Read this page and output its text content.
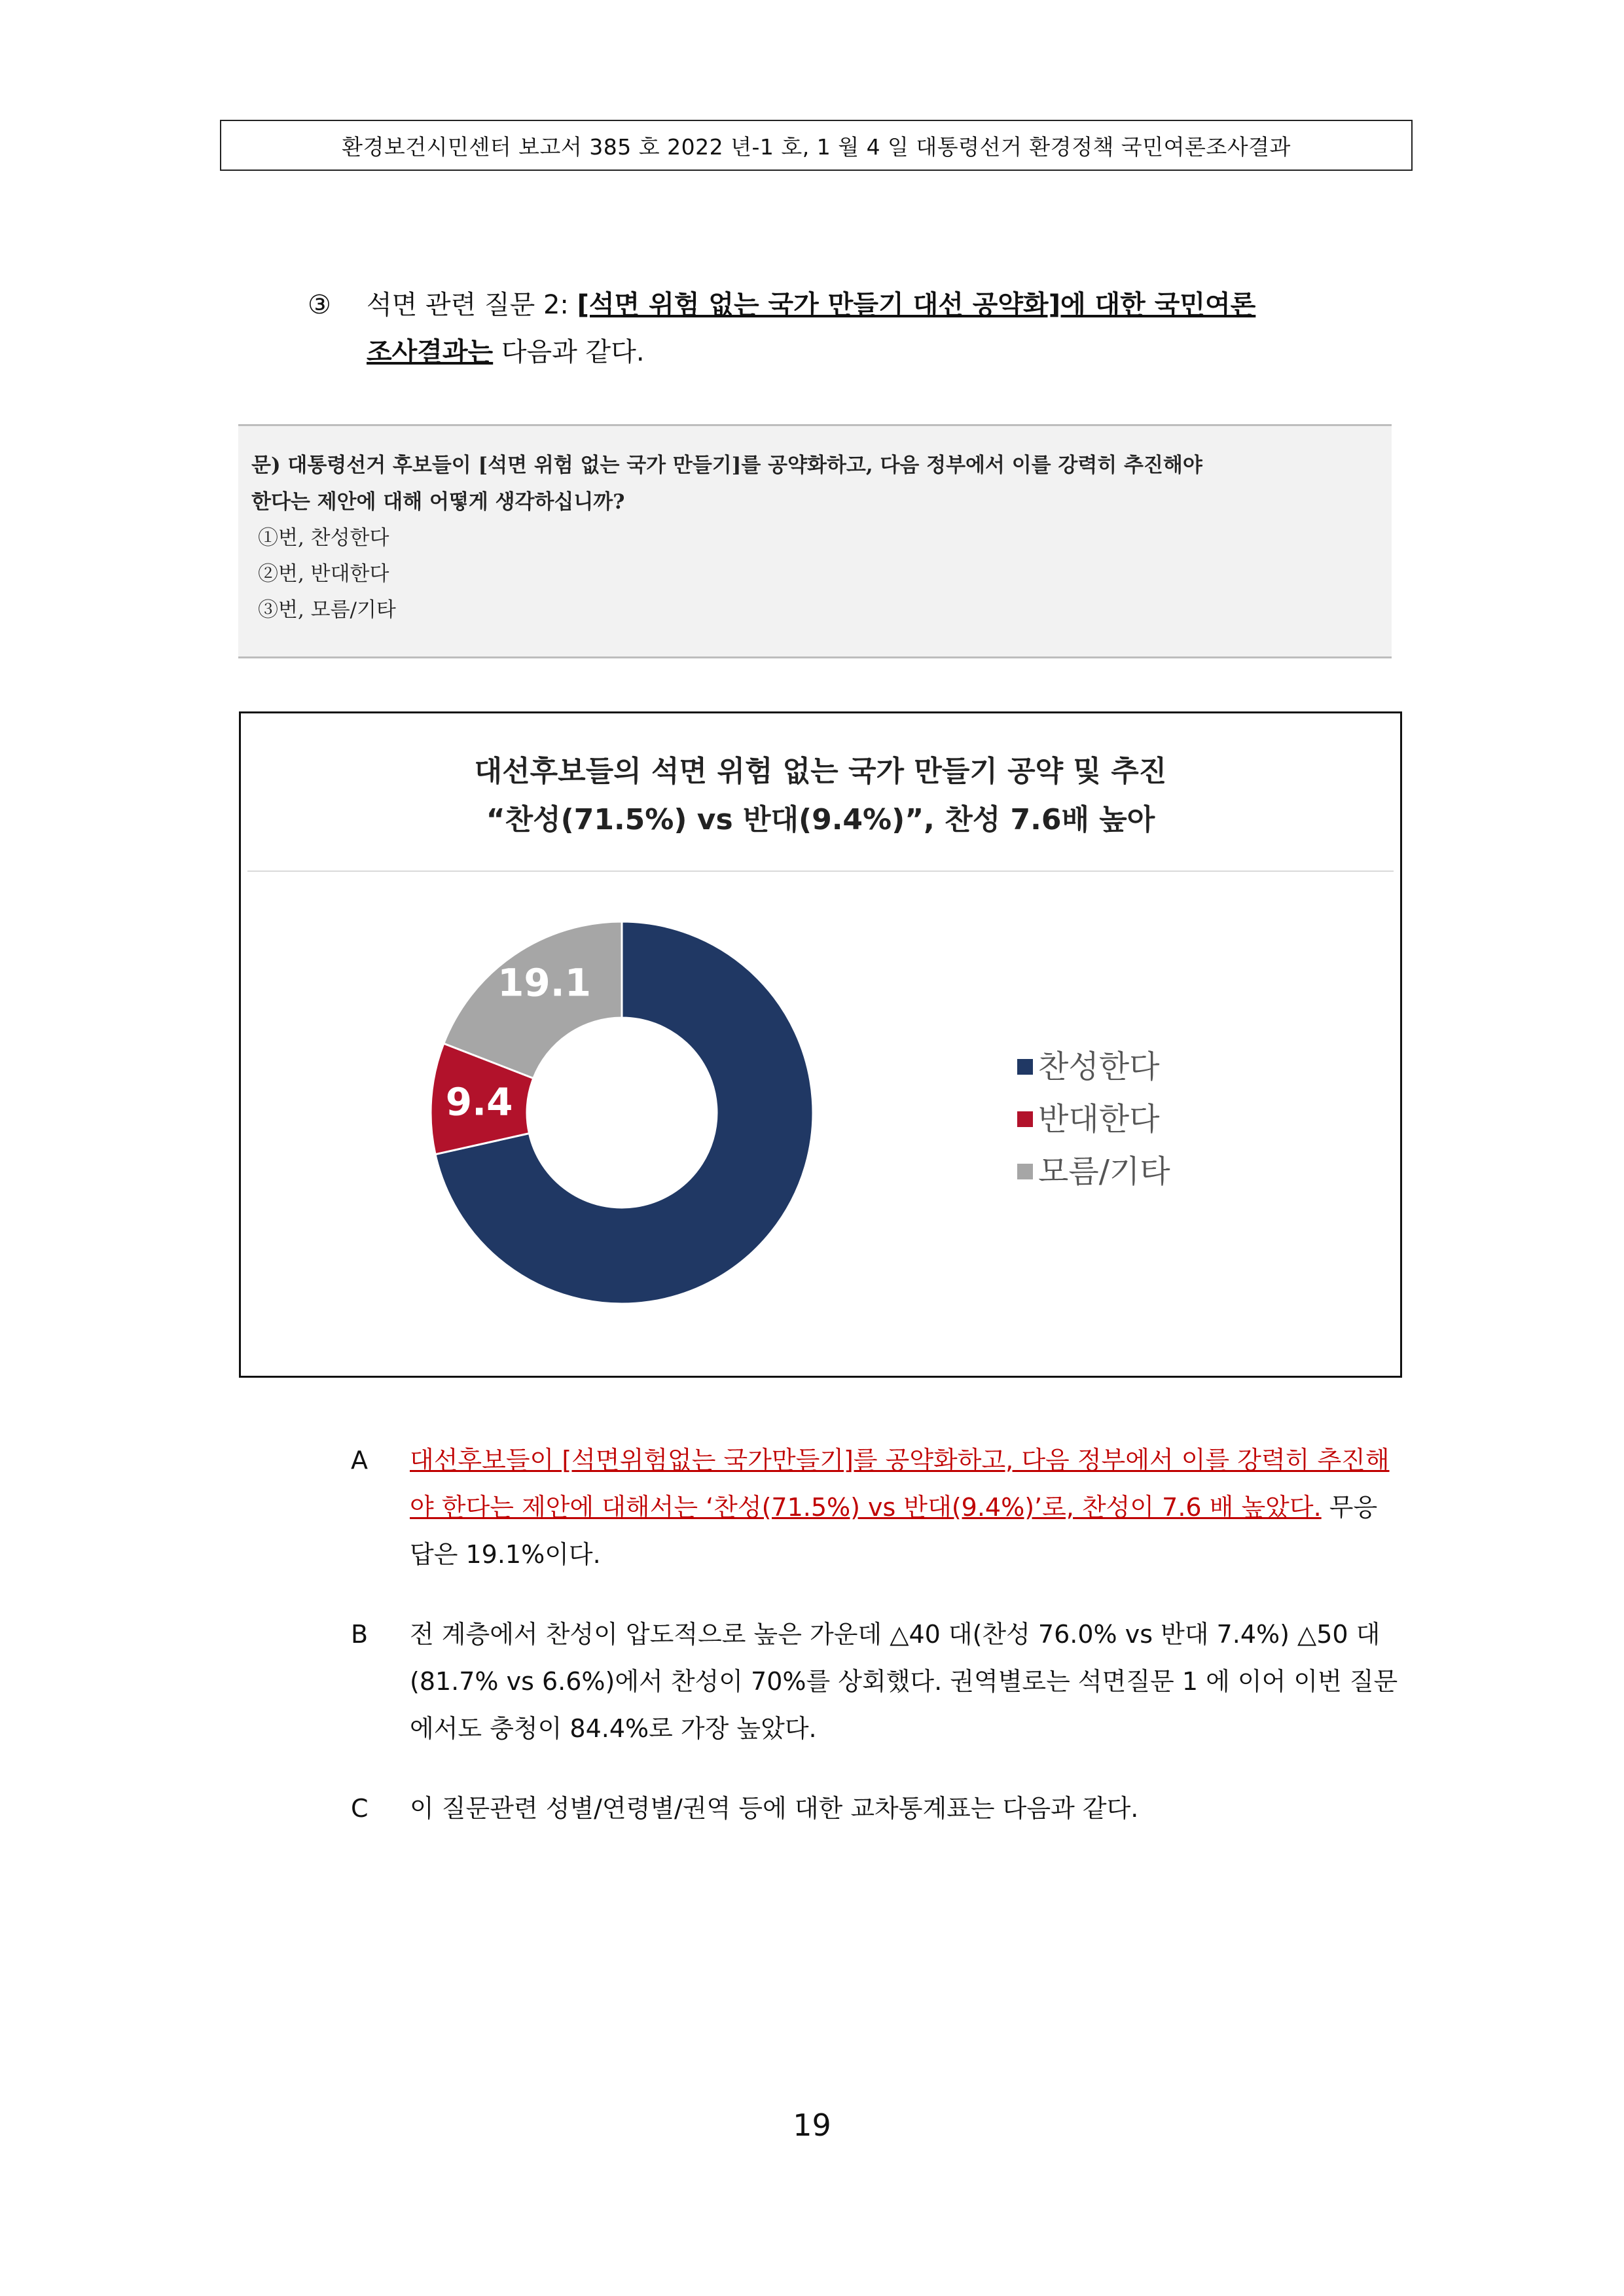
환경보건시민센터 보고서 385 호 2022 년-1 호, 1 월 4 일 대통령선거 환경정책 국민여론조사결과
③ 석면 관련 질문 2: [석면 위험 없는 국가 만들기 대선 공약화]에 대한 국민여론
조사결과는 다음과 같다.
문) 대통령선거 후보들이 [석면 위험 없는 국가 만들기]를 공약화하고, 다음 정부에서 이를 강력히 추진해야
한다는 제안에 대해 어떻게 생각하십니까?
①번, 찬성한다
②번, 반대한다
③번, 모름/기타
대선후보들의 석면 위험 없는 국가 만들기 공약 및 추진
“찬성(71.5%) vs 반대(9.4%)”, 찬성 7.6배 높아
71.5
9.4
19.1
찬성한다
반대한다
모름/기타
A 대선후보들이 [석면위험없는 국가만들기]를 공약화하고, 다음 정부에서 이를 강력히 추진해야 한다는 제안에 대해서는 ‘찬성(71.5%) vs 반대(9.4%)’로, 찬성이 7.6 배 높았다. 무응답은 19.1%이다.
B 전 계층에서 찬성이 압도적으로 높은 가운데 △40 대(찬성 76.0% vs 반대 7.4%) △50 대(81.7% vs 6.6%)에서 찬성이 70%를 상회했다. 권역별로는 석면질문 1 에 이어 이번 질문에서도 충청이 84.4%로 가장 높았다.
C 이 질문관련 성별/연령별/권역 등에 대한 교차통계표는 다음과 같다.
19
